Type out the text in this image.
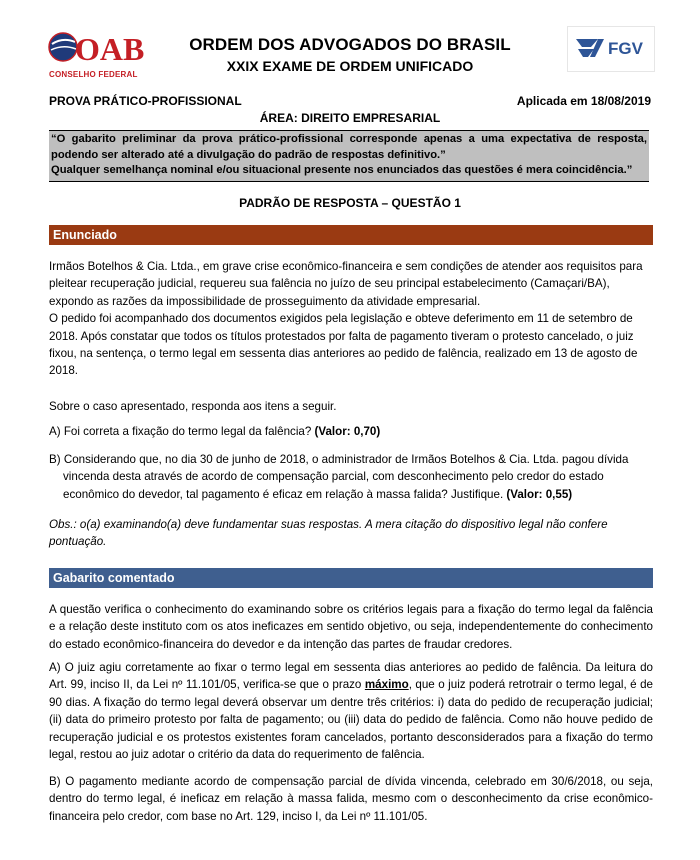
OAB
CONSELHO FEDERAL
ORDEM DOS ADVOGADOS DO BRASIL
XXIX EXAME DE ORDEM UNIFICADO
FGV
PROVA PRÁTICO-PROFISSIONAL	Aplicada em 18/08/2019
ÁREA: DIREITO EMPRESARIAL

“O gabarito preliminar da prova prático-profissional corresponde apenas a uma expectativa de resposta, podendo ser alterado até a divulgação do padrão de respostas definitivo.”

Qualquer semelhança nominal e/ou situacional presente nos enunciados das questões é mera coincidência.”

PADRÃO DE RESPOSTA – QUESTÃO 1
Enunciado

Irmãos Botelhos & Cia. Ltda., em grave crise econômico-financeira e sem condições de atender aos requisitos para pleitear recuperação judicial, requereu sua falência no juízo de seu principal estabelecimento (Camaçari/BA), expondo as razões da impossibilidade de prosseguimento da atividade empresarial.

O pedido foi acompanhado dos documentos exigidos pela legislação e obteve deferimento em 11 de setembro de 2018. Após constatar que todos os títulos protestados por falta de pagamento tiveram o protesto cancelado, o juiz fixou, na sentença, o termo legal em sessenta dias anteriores ao pedido de falência, realizado em 13 de agosto de 2018.

Sobre o caso apresentado, responda aos itens a seguir.

A) Foi correta a fixação do termo legal da falência? (Valor: 0,70)

B) Considerando que, no dia 30 de junho de 2018, o administrador de Irmãos Botelhos & Cia. Ltda. pagou dívida vincenda desta através de acordo de compensação parcial, com desconhecimento pelo credor do estado econômico do devedor, tal pagamento é eficaz em relação à massa falida? Justifique. (Valor: 0,55)

Obs.: o(a) examinando(a) deve fundamentar suas respostas. A mera citação do dispositivo legal não confere pontuação.
Gabarito comentado
A questão verifica o conhecimento do examinando sobre os critérios legais para a fixação do termo legal da falência e a relação deste instituto com os atos ineficazes em sentido objetivo, ou seja, independentemente do conhecimento do estado econômico-financeira do devedor e da intenção das partes de fraudar credores.
A) O juiz agiu corretamente ao fixar o termo legal em sessenta dias anteriores ao pedido de falência. Da leitura do Art. 99, inciso II, da Lei nº 11.101/05, verifica-se que o prazo máximo, que o juiz poderá retrotrair o termo legal, é de 90 dias. A fixação do termo legal deverá observar um dentre três critérios: i) data do pedido de recuperação judicial; (ii) data do primeiro protesto por falta de pagamento; ou (iii) data do pedido de falência. Como não houve pedido de recuperação judicial e os protestos existentes foram cancelados, portanto desconsiderados para a fixação do termo legal, restou ao juiz adotar o critério da data do requerimento de falência.
B) O pagamento mediante acordo de compensação parcial de dívida vincenda, celebrado em 30/6/2018, ou seja, dentro do termo legal, é ineficaz em relação à massa falida, mesmo com o desconhecimento da crise econômico-financeira pelo credor, com base no Art. 129, inciso I, da Lei nº 11.101/05.
